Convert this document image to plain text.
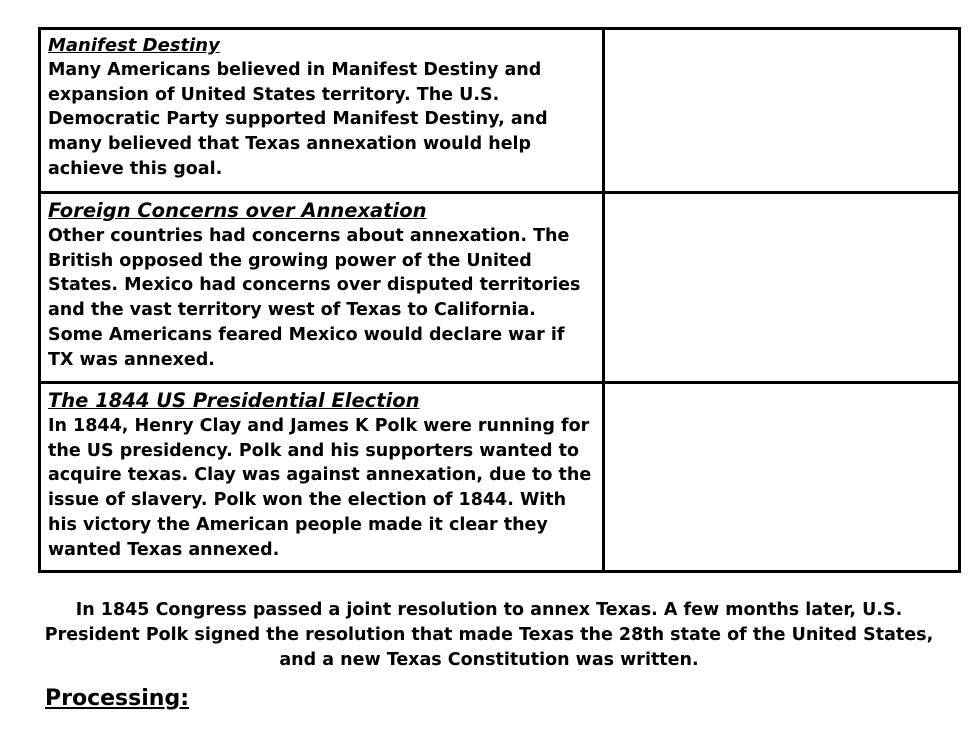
Manifest Destiny
Many Americans believed in Manifest Destiny and expansion of United States territory. The U.S. Democratic Party supported Manifest Destiny, and many believed that Texas annexation would help achieve this goal.	

Foreign Concerns over Annexation
Other countries had concerns about annexation. The British opposed the growing power of the United States. Mexico had concerns over disputed territories and the vast territory west of Texas to California. Some Americans feared Mexico would declare war if TX was annexed.	

The 1844 US Presidential Election
In 1844, Henry Clay and James K Polk were running for the US presidency. Polk and his supporters wanted to acquire texas. Clay was against annexation, due to the issue of slavery. Polk won the election of 1844. With his victory the American people made it clear they wanted Texas annexed.	

In 1845 Congress passed a joint resolution to annex Texas. A few months later, U.S. President Polk signed the resolution that made Texas the 28th state of the United States, and a new Texas Constitution was written.
Processing:
